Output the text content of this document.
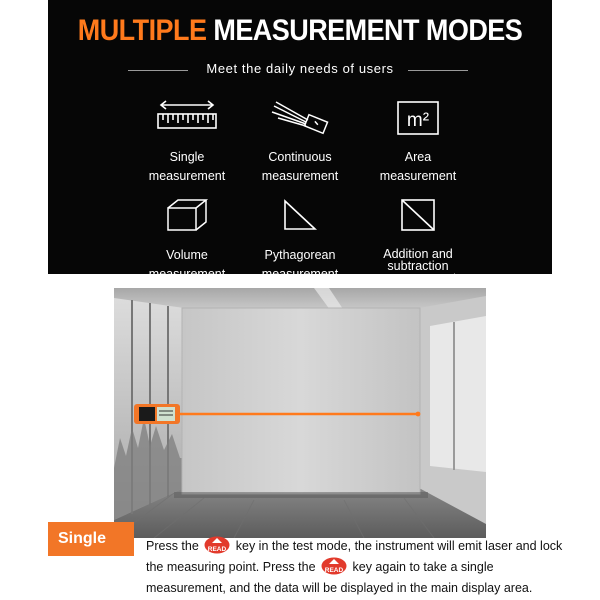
MULTIPLE MEASUREMENT MODES
Meet the daily needs of users
Single
measurement
Continuous
measurement
m²
Area
measurement
Volume
measurement
Pythagorean
measurement
Addition and
subtraction
measurement
Single	Press the READ key in the test mode, the instrument will emit laser and lock the measuring point. Press the READ key again to take a single measurement, and the data will be displayed in the main display area.
